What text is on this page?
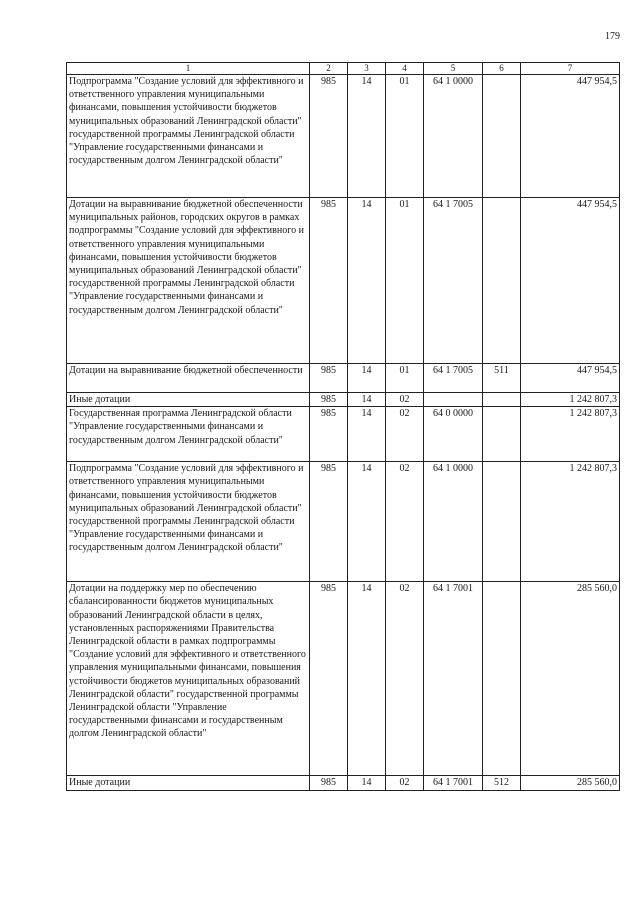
179
1	2	3	4	5	6	7
Подпрограмма "Создание условий для эффективного и ответственного управления муниципальными финансами, повышения устойчивости бюджетов муниципальных образований Ленинградской области" государственной программы Ленинградской области "Управление государственными финансами и государственным долгом Ленинградской области"	985	14	01	64 1 0000		447 954,5
Дотации на выравнивание бюджетной обеспеченности муниципальных районов, городских округов в рамках подпрограммы "Создание условий для эффективного и ответственного управления муниципальными финансами, повышения устойчивости бюджетов муниципальных образований Ленинградской области" государственной программы Ленинградской области "Управление государственными финансами и государственным долгом Ленинградской области"	985	14	01	64 1 7005		447 954,5
Дотации на выравнивание бюджетной обеспеченности	985	14	01	64 1 7005	511	447 954,5
Иные дотации	985	14	02			1 242 807,3
Государственная программа Ленинградской области "Управление государственными финансами и государственным долгом Ленинградской области"	985	14	02	64 0 0000		1 242 807,3
Подпрограмма "Создание условий для эффективного и ответственного управления муниципальными финансами, повышения устойчивости бюджетов муниципальных образований Ленинградской области" государственной программы Ленинградской области "Управление государственными финансами и государственным долгом Ленинградской области"	985	14	02	64 1 0000		1 242 807,3
Дотации на поддержку мер по обеспечению сбалансированности бюджетов муниципальных образований Ленинградской области в целях, установленных распоряжениями Правительства Ленинградской области в рамках подпрограммы "Создание условий для эффективного и ответственного управления муниципальными финансами, повышения устойчивости бюджетов муниципальных образований Ленинградской области" государственной программы Ленинградской области "Управление государственными финансами и государственным долгом Ленинградской области"	985	14	02	64 1 7001		285 560,0
Иные дотации	985	14	02	64 1 7001	512	285 560,0
